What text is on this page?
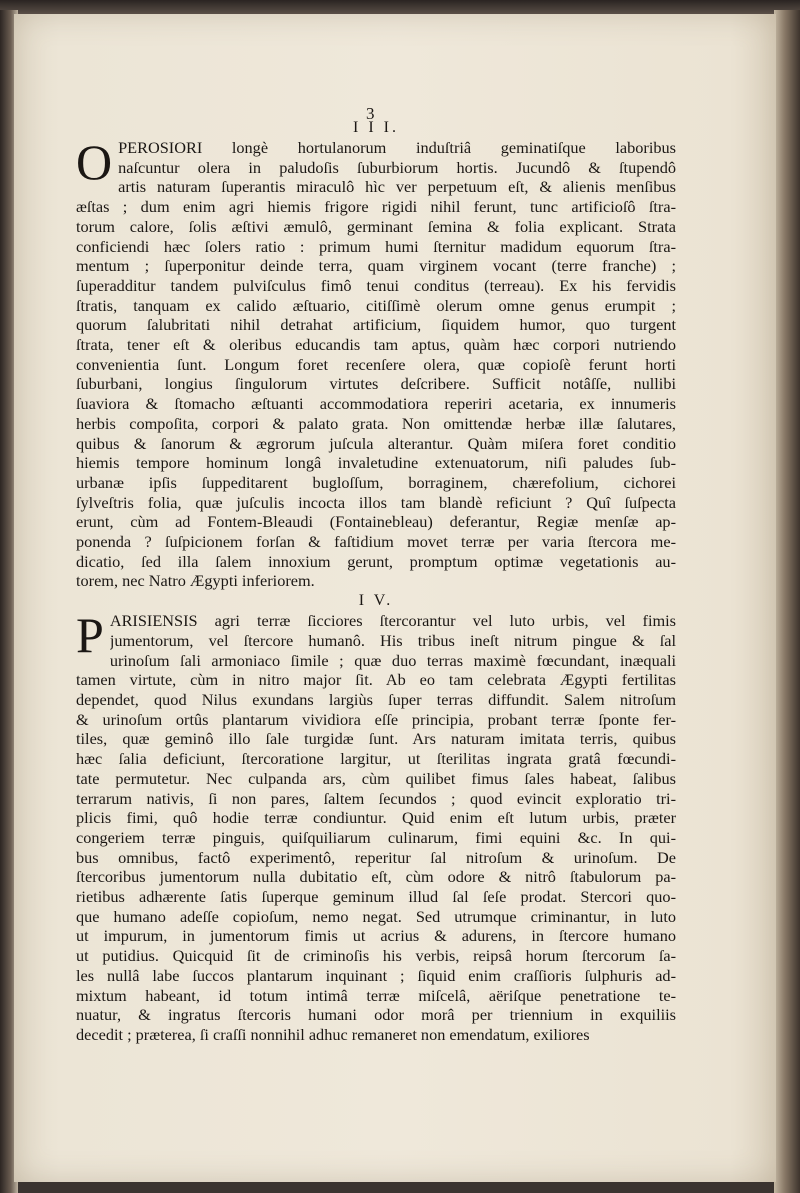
3

I I I.

O PEROSIORI longè hortulanorum induſtriâ geminatiſque laboribus
naſcuntur olera in paludoſis ſuburbiorum hortis. Jucundô & ſtupendô
artis naturam ſuperantis miraculô hìc ver perpetuum eſt, & alienis menſibus
æſtas ; dum enim agri hiemis frigore rigidi nihil ferunt, tunc artificioſô ſtra-
torum calore, ſolis æſtivi æmulô, germinant ſemina & folia explicant. Strata
conficiendi hæc ſolers ratio : primum humi ſternitur madidum equorum ſtra-
mentum ; ſuperponitur deinde terra, quam virginem vocant (terre franche) ;
ſuperadditur tandem pulviſculus fimô tenui conditus (terreau). Ex his fervidis
ſtratis, tanquam ex calido æſtuario, citiſſimè olerum omne genus erumpit ;
quorum ſalubritati nihil detrahat artificium, ſiquidem humor, quo turgent
ſtrata, tener eſt & oleribus educandis tam aptus, quàm hæc corpori nutriendo
convenientia ſunt. Longum foret recenſere olera, quæ copioſè ferunt horti
ſuburbani, longius ſingulorum virtutes deſcribere. Sufficit notâſſe, nullibi
ſuaviora & ſtomacho æſtuanti accommodatiora reperiri acetaria, ex innumeris
herbis compoſita, corpori & palato grata. Non omittendæ herbæ illæ ſalutares,
quibus & ſanorum & ægrorum juſcula alterantur. Quàm miſera foret conditio
hiemis tempore hominum longâ invaletudine extenuatorum, niſi paludes ſub-
urbanæ ipſis ſuppeditarent bugloſſum, borraginem, chærefolium, cichorei
ſylveſtris folia, quæ juſculis incocta illos tam blandè reficiunt ? Quî ſuſpecta
erunt, cùm ad Fontem-Bleaudi (Fontainebleau) deferantur, Regiæ menſæ ap-
ponenda ? ſuſpicionem forſan & faſtidium movet terræ per varia ſtercora me-
dicatio, ſed illa ſalem innoxium gerunt, promptum optimæ vegetationis au-
torem, nec Natro Ægypti inferiorem.

I V.

P ARISIENSIS agri terræ ſicciores ſtercorantur vel luto urbis, vel fimis
jumentorum, vel ſtercore humanô. His tribus ineſt nitrum pingue & ſal
urinoſum ſali armoniaco ſimile ; quæ duo terras maximè fœcundant, inæquali
tamen virtute, cùm in nitro major ſit. Ab eo tam celebrata Ægypti fertilitas
dependet, quod Nilus exundans largiùs ſuper terras diffundit. Salem nitroſum
& urinoſum ortûs plantarum vividiora eſſe principia, probant terræ ſponte fer-
tiles, quæ geminô illo ſale turgidæ ſunt. Ars naturam imitata terris, quibus
hæc ſalia deficiunt, ſtercoratione largitur, ut ſterilitas ingrata gratâ fœcundi-
tate permutetur. Nec culpanda ars, cùm quilibet fimus ſales habeat, ſalibus
terrarum nativis, ſi non pares, ſaltem ſecundos ; quod evincit exploratio tri-
plicis fimi, quô hodie terræ condiuntur. Quid enim eſt lutum urbis, præter
congeriem terræ pinguis, quiſquiliarum culinarum, fimi equini &c. In qui-
bus omnibus, factô experimentô, reperitur ſal nitroſum & urinoſum. De
ſtercoribus jumentorum nulla dubitatio eſt, cùm odore & nitrô ſtabulorum pa-
rietibus adhærente ſatis ſuperque geminum illud ſal ſeſe prodat. Stercori quo-
que humano adeſſe copioſum, nemo negat. Sed utrumque criminantur, in luto
ut impurum, in jumentorum fimis ut acrius & adurens, in ſtercore humano
ut putidius. Quicquid ſit de criminoſis his verbis, reipsâ horum ſtercorum ſa-
les nullâ labe ſuccos plantarum inquinant ; ſiquid enim craſſioris ſulphuris ad-
mixtum habeant, id totum intimâ terræ miſcelâ, aëriſque penetratione te-
nuatur, & ingratus ſtercoris humani odor morâ per triennium in exquiliis
decedit ; præterea, ſi craſſi nonnihil adhuc remaneret non emendatum, exiliores
